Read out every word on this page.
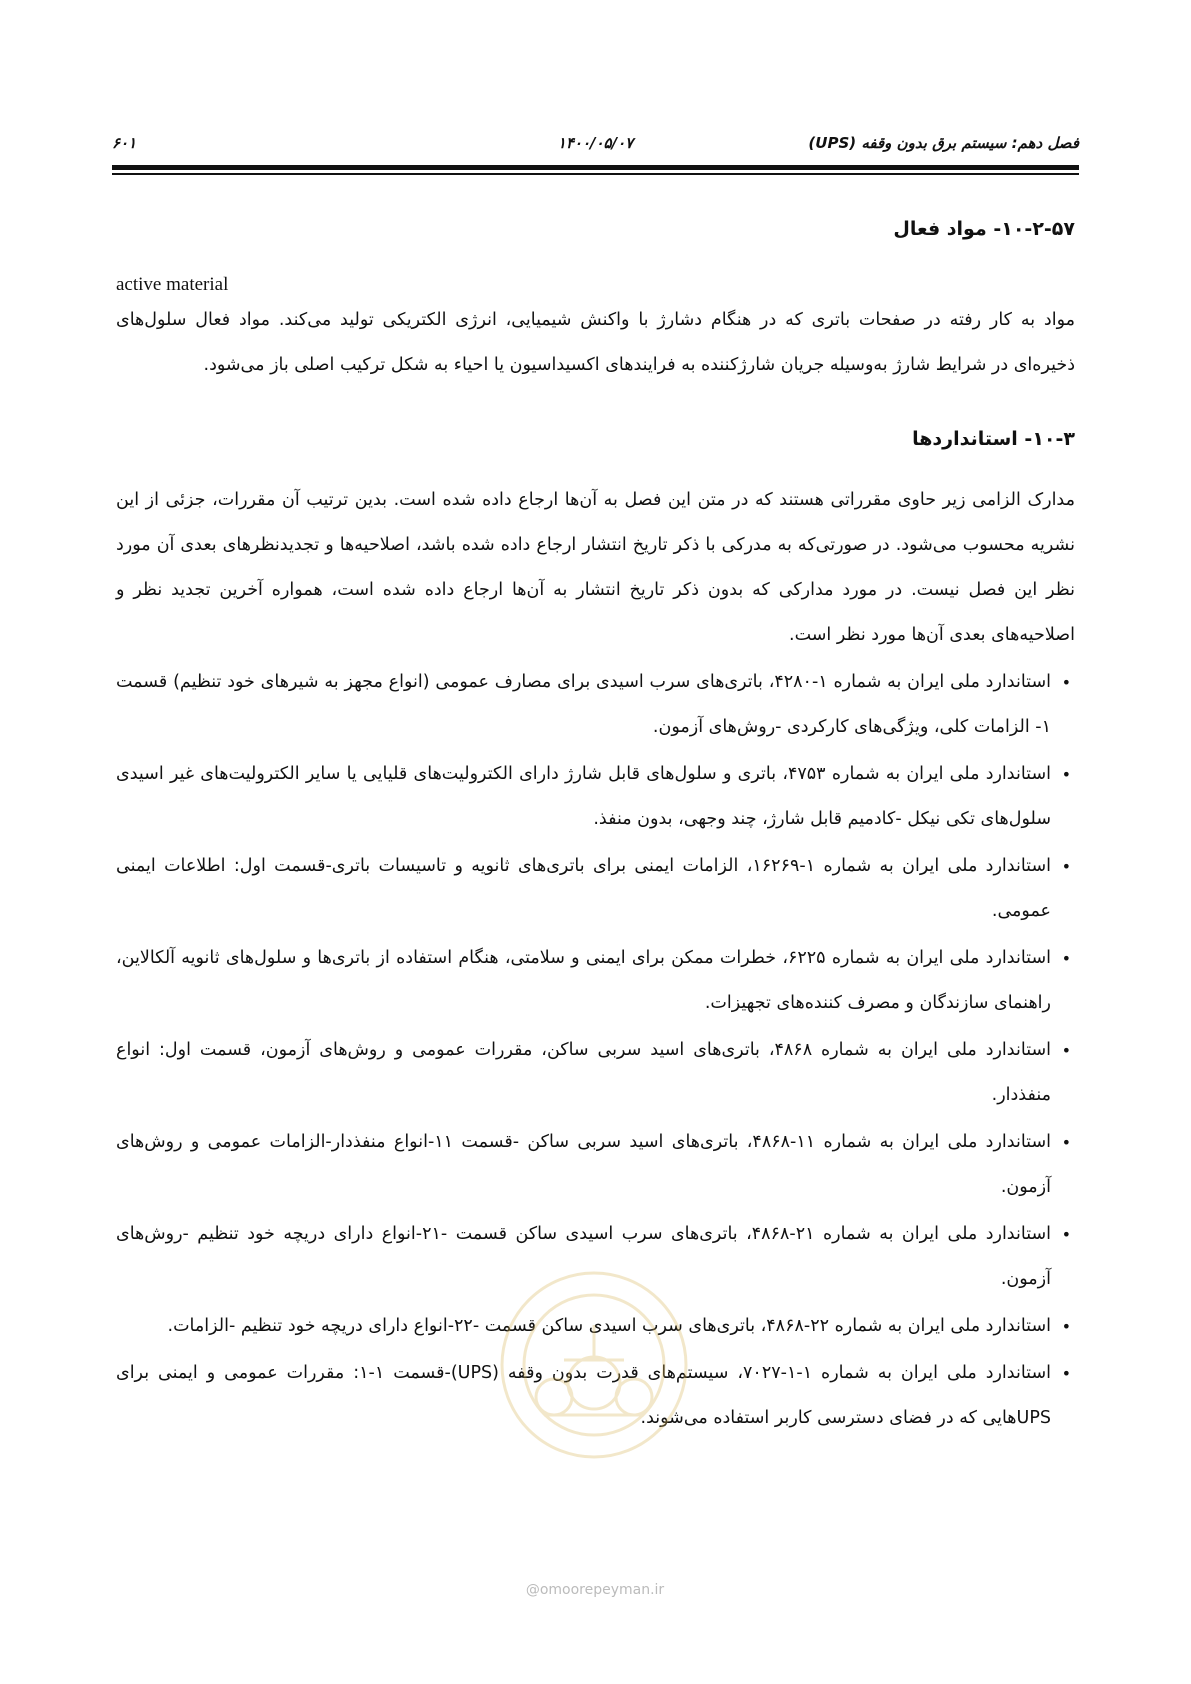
فصل دهم: سیستم برق بدون وقفه (UPS)
۱۴۰۰/۰۵/۰۷
۶۰۱
۱۰-۲-۵۷- مواد فعال
active material

مواد به کار رفته در صفحات باتری که در هنگام دشارژ با واکنش شیمیایی، انرژی الکتریکی تولید می‌کند. مواد فعال سلول‌های ذخیره‌ای در شرایط شارژ به‌وسیله جریان شارژکننده به فرایندهای اکسیداسیون یا احیاء به شکل ترکیب اصلی باز می‌شود.

۱۰-۳- استانداردها

مدارک الزامی زیر حاوی مقرراتی هستند که در متن این فصل به آن‌ها ارجاع داده شده است. بدین ترتیب آن مقررات، جزئی از این نشریه محسوب می‌شود. در صورتی‌که به مدرکی با ذکر تاریخ انتشار ارجاع داده شده باشد، اصلاحیه‌ها و تجدیدنظرهای بعدی آن مورد نظر این فصل نیست. در مورد مدارکی که بدون ذکر تاریخ انتشار به آن‌ها ارجاع داده شده است، همواره آخرین تجدید نظر و اصلاحیه‌های بعدی آن‌ها مورد نظر است.

•
استاندارد ملی ایران به شماره ۱-۴۲۸۰، باتری‌های سرب اسیدی برای مصارف عمومی (انواع مجهز به شیرهای خود تنظیم) قسمت ۱- الزامات کلی، ویژگی‌های کارکردی -روش‌های آزمون.
•
استاندارد ملی ایران به شماره ۴۷۵۳، باتری و سلول‌های قابل شارژ دارای الکترولیت‌های قلیایی یا سایر الکترولیت‌های غیر اسیدی سلول‌های تکی نیکل -کادمیم قابل شارژ، چند وجهی، بدون منفذ.
•
استاندارد ملی ایران به شماره ۱-۱۶۲۶۹، الزامات ایمنی برای باتری‌های ثانویه و تاسیسات باتری-قسمت اول: اطلاعات ایمنی عمومی.
•
استاندارد ملی ایران به شماره ۶۲۲۵، خطرات ممکن برای ایمنی و سلامتی، هنگام استفاده از باتری‌ها و سلول‌های ثانویه آلکالاین، راهنمای سازندگان و مصرف کننده‌های تجهیزات.
•
استاندارد ملی ایران به شماره ۴۸۶۸، باتری‌های اسید سربی ساکن، مقررات عمومی و روش‌های آزمون، قسمت اول: انواع منفذدار.
•
استاندارد ملی ایران به شماره ۱۱-۴۸۶۸، باتری‌های اسید سربی ساکن -قسمت ۱۱-انواع منفذدار-الزامات عمومی و روش‌های آزمون.
•
استاندارد ملی ایران به شماره ۲۱-۴۸۶۸، باتری‌های سرب اسیدی ساکن قسمت -۲۱-انواع دارای دریچه خود تنظیم -روش‌های آزمون.
•
استاندارد ملی ایران به شماره ۲۲-۴۸۶۸، باتری‌های سرب اسیدی ساکن قسمت -۲۲-انواع دارای دریچه خود تنظیم -الزامات.
•
استاندارد ملی ایران به شماره ۱-۱-۷۰۲۷، سیستم‌های قدرت بدون وقفه (UPS)-قسمت ۱-۱: مقررات عمومی و ایمنی برای UPSهایی که در فضای دسترسی کاربر استفاده می‌شوند.
@omoorepeyman.ir
